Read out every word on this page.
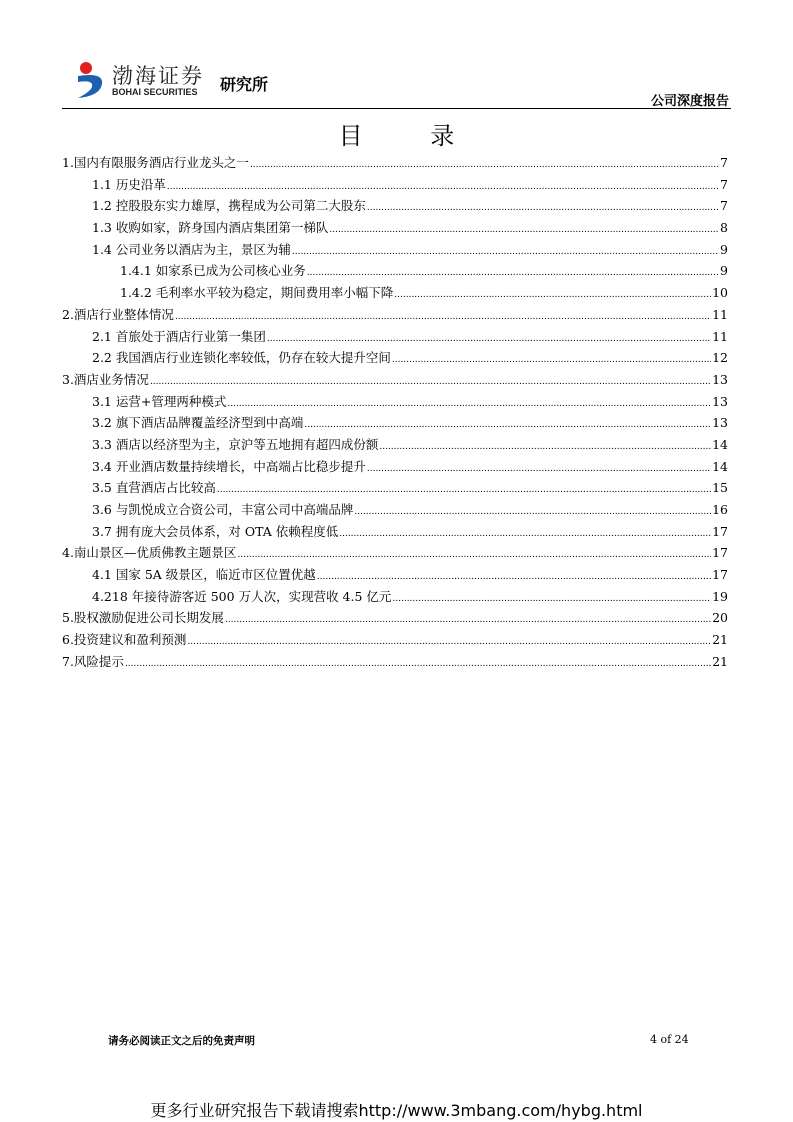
渤海证券
BOHAI SECURITIES 研究所
公司深度报告
目 录
1.国内有限服务酒店行业龙头之一 .....	7
1.1 历史沿革 .....	7
1.2 控股股东实力雄厚，携程成为公司第二大股东 .....	7
1.3 收购如家，跻身国内酒店集团第一梯队 .....	8
1.4 公司业务以酒店为主，景区为辅 .....	9
1.4.1 如家系已成为公司核心业务 .....	9
1.4.2 毛利率水平较为稳定，期间费用率小幅下降 .....	10
2.酒店行业整体情况 .....	11
2.1 首旅处于酒店行业第一集团 .....	11
2.2 我国酒店行业连锁化率较低，仍存在较大提升空间 .....	12
3.酒店业务情况 .....	13
3.1 运营+管理两种模式 .....	13
3.2 旗下酒店品牌覆盖经济型到中高端 .....	13
3.3 酒店以经济型为主，京沪等五地拥有超四成份额 .....	14
3.4 开业酒店数量持续增长，中高端占比稳步提升 .....	14
3.5 直营酒店占比较高 .....	15
3.6 与凯悦成立合资公司，丰富公司中高端品牌 .....	16
3.7 拥有庞大会员体系，对 OTA 依赖程度低 .....	17
4.南山景区—优质佛教主题景区 .....	17
4.1 国家 5A 级景区，临近市区位置优越 .....	17
4.218 年接待游客近 500 万人次，实现营收 4.5 亿元 .....	19
5.股权激励促进公司长期发展 .....	20
6.投资建议和盈利预测 .....	21
7.风险提示 .....	21
请务必阅读正文之后的免责声明	4 of 24
更多行业研究报告下载请搜索http://www.3mbang.com/hybg.html
